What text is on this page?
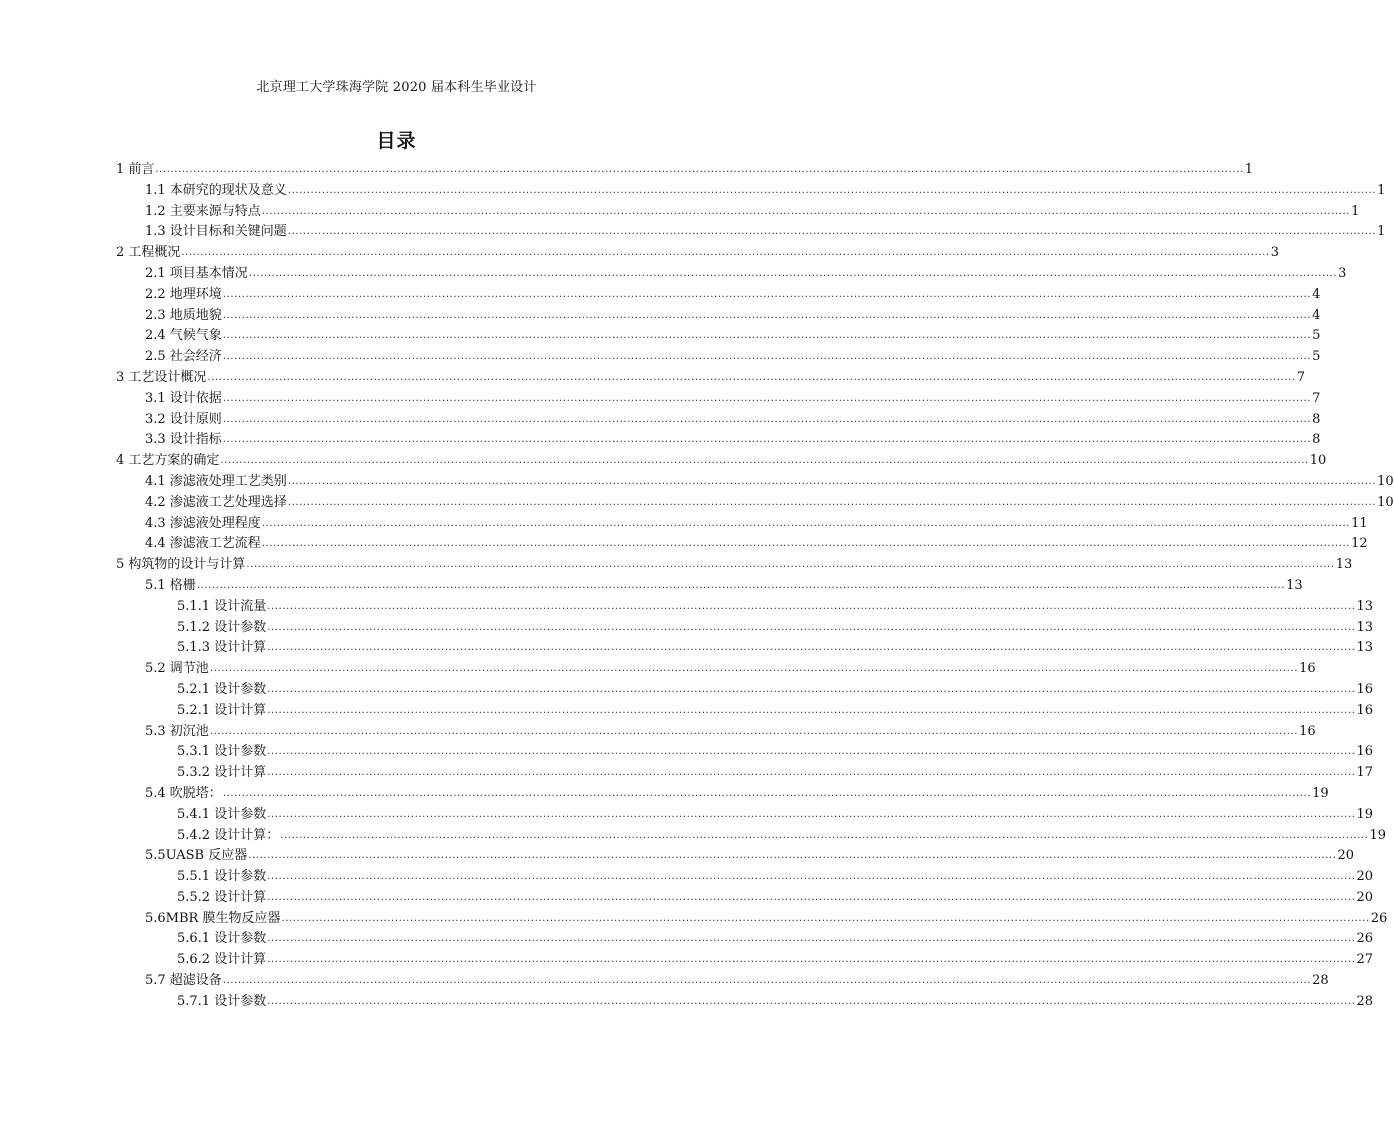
北京理工大学珠海学院 2020 届本科生毕业设计
目录
1 前言 ................................................................................................................................................................................................................................................................................................ 1
1.1 本研究的现状及意义 ................................................................................................................................................................................................................................................................................................ 1
1.2 主要来源与特点 ................................................................................................................................................................................................................................................................................................ 1
1.3 设计目标和关键问题 ................................................................................................................................................................................................................................................................................................ 1
2 工程概况 ................................................................................................................................................................................................................................................................................................ 3
2.1 项目基本情况 ................................................................................................................................................................................................................................................................................................ 3
2.2 地理环境 ................................................................................................................................................................................................................................................................................................ 4
2.3 地质地貌 ................................................................................................................................................................................................................................................................................................ 4
2.4 气候气象 ................................................................................................................................................................................................................................................................................................ 5
2.5 社会经济 ................................................................................................................................................................................................................................................................................................ 5
3 工艺设计概况 ................................................................................................................................................................................................................................................................................................ 7
3.1 设计依据 ................................................................................................................................................................................................................................................................................................ 7
3.2 设计原则 ................................................................................................................................................................................................................................................................................................ 8
3.3 设计指标 ................................................................................................................................................................................................................................................................................................ 8
4 工艺方案的确定 ................................................................................................................................................................................................................................................................................................ 10
4.1 渗滤液处理工艺类别 ................................................................................................................................................................................................................................................................................................ 10
4.2 渗滤液工艺处理选择 ................................................................................................................................................................................................................................................................................................ 10
4.3 渗滤液处理程度 ................................................................................................................................................................................................................................................................................................ 11
4.4 渗滤液工艺流程 ................................................................................................................................................................................................................................................................................................ 12
5 构筑物的设计与计算 ................................................................................................................................................................................................................................................................................................ 13
5.1 格栅 ................................................................................................................................................................................................................................................................................................ 13
5.1.1 设计流量 ................................................................................................................................................................................................................................................................................................ 13
5.1.2 设计参数 ................................................................................................................................................................................................................................................................................................ 13
5.1.3 设计计算 ................................................................................................................................................................................................................................................................................................ 13
5.2 调节池 ................................................................................................................................................................................................................................................................................................ 16
5.2.1 设计参数 ................................................................................................................................................................................................................................................................................................ 16
5.2.1 设计计算 ................................................................................................................................................................................................................................................................................................ 16
5.3 初沉池 ................................................................................................................................................................................................................................................................................................ 16
5.3.1 设计参数 ................................................................................................................................................................................................................................................................................................ 16
5.3.2 设计计算 ................................................................................................................................................................................................................................................................................................ 17
5.4 吹脱塔： ................................................................................................................................................................................................................................................................................................ 19
5.4.1 设计参数 ................................................................................................................................................................................................................................................................................................ 19
5.4.2 设计计算： ................................................................................................................................................................................................................................................................................................ 19
5.5UASB 反应器 ................................................................................................................................................................................................................................................................................................ 20
5.5.1 设计参数 ................................................................................................................................................................................................................................................................................................ 20
5.5.2 设计计算 ................................................................................................................................................................................................................................................................................................ 20
5.6MBR 膜生物反应器 ................................................................................................................................................................................................................................................................................................ 26
5.6.1 设计参数 ................................................................................................................................................................................................................................................................................................ 26
5.6.2 设计计算 ................................................................................................................................................................................................................................................................................................ 27
5.7 超滤设备 ................................................................................................................................................................................................................................................................................................ 28
5.7.1 设计参数 ................................................................................................................................................................................................................................................................................................ 28
